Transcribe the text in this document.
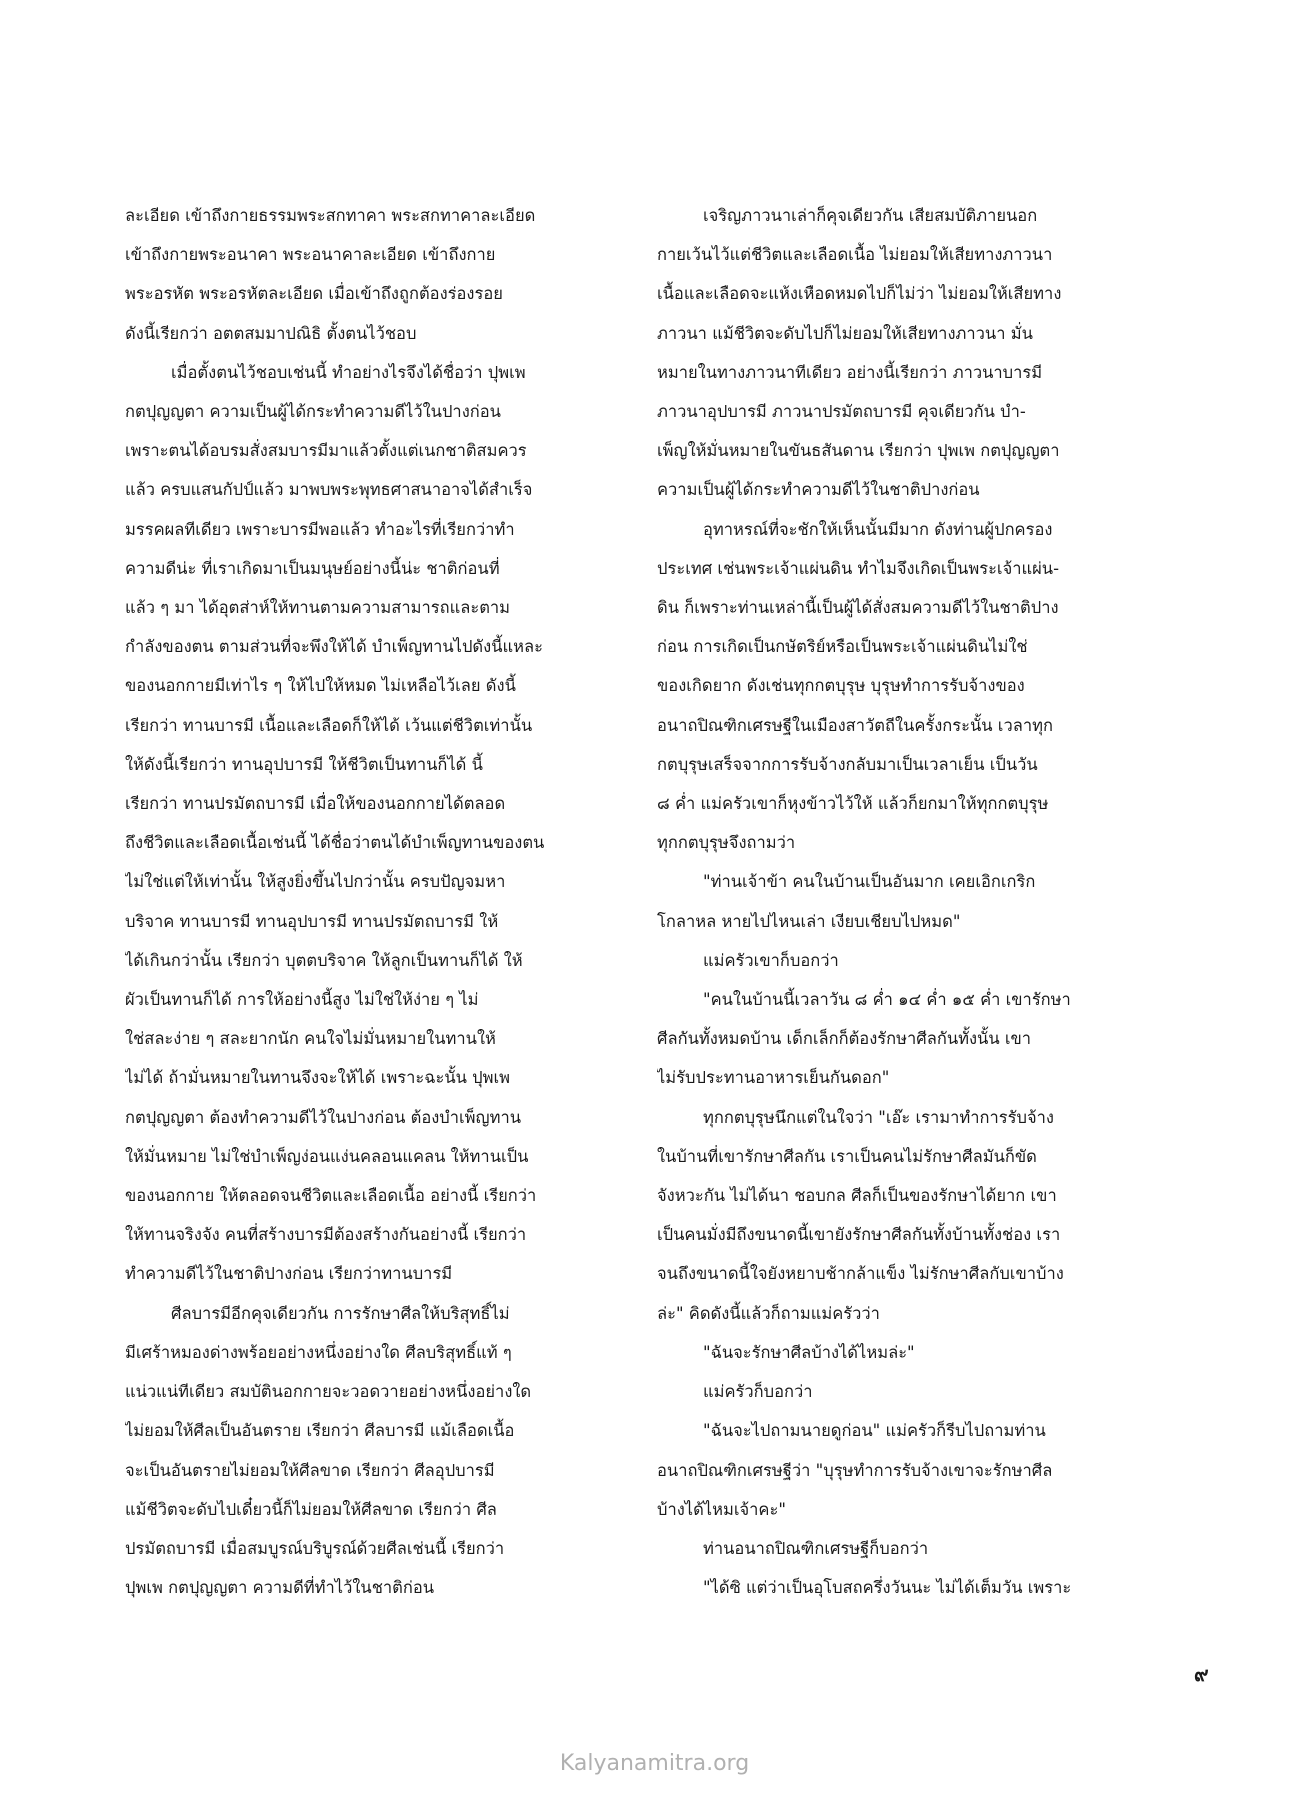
ละเอียด เข้าถึงกายธรรมพระสกทาคา พระสกทาคาละเอียด
เข้าถึงกายพระอนาคา พระอนาคาละเอียด เข้าถึงกาย
พระอรหัต พระอรหัตละเอียด เมื่อเข้าถึงถูกต้องร่องรอย
ดังนี้เรียกว่า อตตสมมาปณิธิ ตั้งตนไว้ชอบ
เมื่อตั้งตนไว้ชอบเช่นนี้ ทำอย่างไรจึงได้ชื่อว่า ปุพเพ
กตปุญญตา ความเป็นผู้ได้กระทำความดีไว้ในปางก่อน
เพราะตนได้อบรมสั่งสมบารมีมาแล้วตั้งแต่เนกชาติสมควร
แล้ว ครบแสนกัปป์แล้ว มาพบพระพุทธศาสนาอาจได้สำเร็จ
มรรคผลทีเดียว เพราะบารมีพอแล้ว ทำอะไรที่เรียกว่าทำ
ความดีน่ะ ที่เราเกิดมาเป็นมนุษย์อย่างนี้น่ะ ชาติก่อนที่
แล้ว ๆ มา ได้อุตส่าห์ให้ทานตามความสามารถและตาม
กำลังของตน ตามส่วนที่จะพึงให้ได้ บำเพ็ญทานไปดังนี้แหละ
ของนอกกายมีเท่าไร ๆ ให้ไปให้หมด ไม่เหลือไว้เลย ดังนี้
เรียกว่า ทานบารมี เนื้อและเลือดก็ให้ได้ เว้นแต่ชีวิตเท่านั้น
ให้ดังนี้เรียกว่า ทานอุปบารมี ให้ชีวิตเป็นทานก็ได้ นี้
เรียกว่า ทานปรมัตถบารมี เมื่อให้ของนอกกายได้ตลอด
ถึงชีวิตและเลือดเนื้อเช่นนี้ ได้ชื่อว่าตนได้บำเพ็ญทานของตน
ไม่ใช่แต่ให้เท่านั้น ให้สูงยิ่งขึ้นไปกว่านั้น ครบปัญจมหา
บริจาค ทานบารมี ทานอุปบารมี ทานปรมัตถบารมี ให้
ได้เกินกว่านั้น เรียกว่า บุตตบริจาค ให้ลูกเป็นทานก็ได้ ให้
ผัวเป็นทานก็ได้ การให้อย่างนี้สูง ไม่ใช่ให้ง่าย ๆ ไม่
ใช่สละง่าย ๆ สละยากนัก คนใจไม่มั่นหมายในทานให้
ไม่ได้ ถ้ามั่นหมายในทานจึงจะให้ได้ เพราะฉะนั้น ปุพเพ
กตปุญญตา ต้องทำความดีไว้ในปางก่อน ต้องบำเพ็ญทาน
ให้มั่นหมาย ไม่ใช่บำเพ็ญง่อนแง่นคลอนแคลน ให้ทานเป็น
ของนอกกาย ให้ตลอดจนชีวิตและเลือดเนื้อ อย่างนี้ เรียกว่า
ให้ทานจริงจัง คนที่สร้างบารมีต้องสร้างกันอย่างนี้ เรียกว่า
ทำความดีไว้ในชาติปางก่อน เรียกว่าทานบารมี
ศีลบารมีอีกคุจเดียวกัน การรักษาศีลให้บริสุทธิ์ไม่
มีเศร้าหมองด่างพร้อยอย่างหนึ่งอย่างใด ศีลบริสุทธิ์แท้ ๆ
แน่วแน่ทีเดียว สมบัตินอกกายจะวอดวายอย่างหนึ่งอย่างใด
ไม่ยอมให้ศีลเป็นอันตราย เรียกว่า ศีลบารมี แม้เลือดเนื้อ
จะเป็นอันตรายไม่ยอมให้ศีลขาด เรียกว่า ศีลอุปบารมี
แม้ชีวิตจะดับไปเดี๋ยวนี้ก็ไม่ยอมให้ศีลขาด เรียกว่า ศีล
ปรมัตถบารมี เมื่อสมบูรณ์บริบูรณ์ด้วยศีลเช่นนี้ เรียกว่า
ปุพเพ กตปุญญตา ความดีที่ทำไว้ในชาติก่อน
เจริญภาวนาเล่าก็คุจเดียวกัน เสียสมบัติภายนอก
กายเว้นไว้แต่ชีวิตและเลือดเนื้อ ไม่ยอมให้เสียทางภาวนา
เนื้อและเลือดจะแห้งเหือดหมดไปก็ไม่ว่า ไม่ยอมให้เสียทาง
ภาวนา แม้ชีวิตจะดับไปก็ไม่ยอมให้เสียทางภาวนา มั่น
หมายในทางภาวนาทีเดียว อย่างนี้เรียกว่า ภาวนาบารมี
ภาวนาอุปบารมี ภาวนาปรมัตถบารมี คุจเดียวกัน บำ-
เพ็ญให้มั่นหมายในขันธสันดาน เรียกว่า ปุพเพ กตปุญญตา
ความเป็นผู้ได้กระทำความดีไว้ในชาติปางก่อน
อุทาหรณ์ที่จะชักให้เห็นนั้นมีมาก ดังท่านผู้ปกครอง
ประเทศ เช่นพระเจ้าแผ่นดิน ทำไมจึงเกิดเป็นพระเจ้าแผ่น-
ดิน ก็เพราะท่านเหล่านี้เป็นผู้ได้สั่งสมความดีไว้ในชาติปาง
ก่อน การเกิดเป็นกษัตริย์หรือเป็นพระเจ้าแผ่นดินไม่ใช่
ของเกิดยาก ดังเช่นทุกกตบุรุษ บุรุษทำการรับจ้างของ
อนาถปิณฑิกเศรษฐีในเมืองสาวัตถีในครั้งกระนั้น เวลาทุก
กตบุรุษเสร็จจากการรับจ้างกลับมาเป็นเวลาเย็น เป็นวัน
๘ ค่ำ แม่ครัวเขาก็หุงข้าวไว้ให้ แล้วก็ยกมาให้ทุกกตบุรุษ
ทุกกตบุรุษจึงถามว่า
"ท่านเจ้าข้า คนในบ้านเป็นอันมาก เคยเอิกเกริก
โกลาหล หายไปไหนเล่า เงียบเชียบไปหมด"
แม่ครัวเขาก็บอกว่า
"คนในบ้านนี้เวลาวัน ๘ ค่ำ ๑๔ ค่ำ ๑๕ ค่ำ เขารักษา
ศีลกันทั้งหมดบ้าน เด็กเล็กก็ต้องรักษาศีลกันทั้งนั้น เขา
ไม่รับประทานอาหารเย็นกันดอก"
ทุกกตบุรุษนึกแต่ในใจว่า "เอ๊ะ เรามาทำการรับจ้าง
ในบ้านที่เขารักษาศีลกัน เราเป็นคนไม่รักษาศีลมันก็ขัด
จังหวะกัน ไม่ได้นา ชอบกล ศีลก็เป็นของรักษาได้ยาก เขา
เป็นคนมั่งมีถึงขนาดนี้เขายังรักษาศีลกันทั้งบ้านทั้งช่อง เรา
จนถึงขนาดนี้ใจยังหยาบช้ากล้าแข็ง ไม่รักษาศีลกับเขาบ้าง
ล่ะ" คิดดังนี้แล้วก็ถามแม่ครัวว่า
"ฉันจะรักษาศีลบ้างได้ไหมล่ะ"
แม่ครัวก็บอกว่า
"ฉันจะไปถามนายดูก่อน" แม่ครัวก็รีบไปถามท่าน
อนาถปิณฑิกเศรษฐีว่า "บุรุษทำการรับจ้างเขาจะรักษาศีล
บ้างได้ไหมเจ้าคะ"
ท่านอนาถปิณฑิกเศรษฐีก็บอกว่า
"ได้ซิ แต่ว่าเป็นอุโบสถครึ่งวันนะ ไม่ได้เต็มวัน เพราะ
๙
Kalyanamitra.org
